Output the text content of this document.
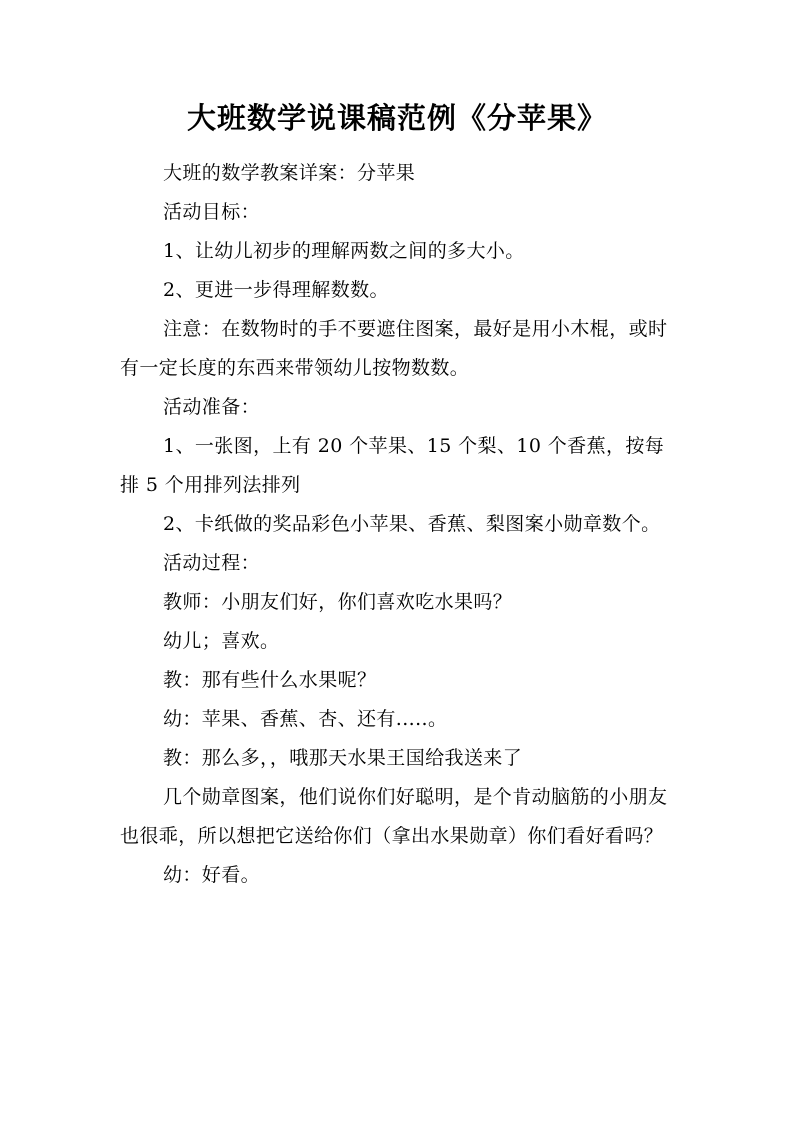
大班数学说课稿范例《分苹果》

大班的数学教案详案：分苹果

活动目标：

1、让幼儿初步的理解两数之间的多大小。

2、更进一步得理解数数。

注意：在数物时的手不要遮住图案，最好是用小木棍，或时有一定长度的东西来带领幼儿按物数数。

活动准备：

1、一张图，上有 20 个苹果、15 个梨、10 个香蕉，按每排 5 个用排列法排列

2、卡纸做的奖品彩色小苹果、香蕉、梨图案小勋章数个。

活动过程：

教师：小朋友们好，你们喜欢吃水果吗？

幼儿；喜欢。

教：那有些什么水果呢？

幼：苹果、香蕉、杏、还有.....。

教：那么多，，哦那天水果王国给我送来了

几个勋章图案，他们说你们好聪明，是个肯动脑筋的小朋友也很乖，所以想把它送给你们（拿出水果勋章）你们看好看吗？

幼：好看。
